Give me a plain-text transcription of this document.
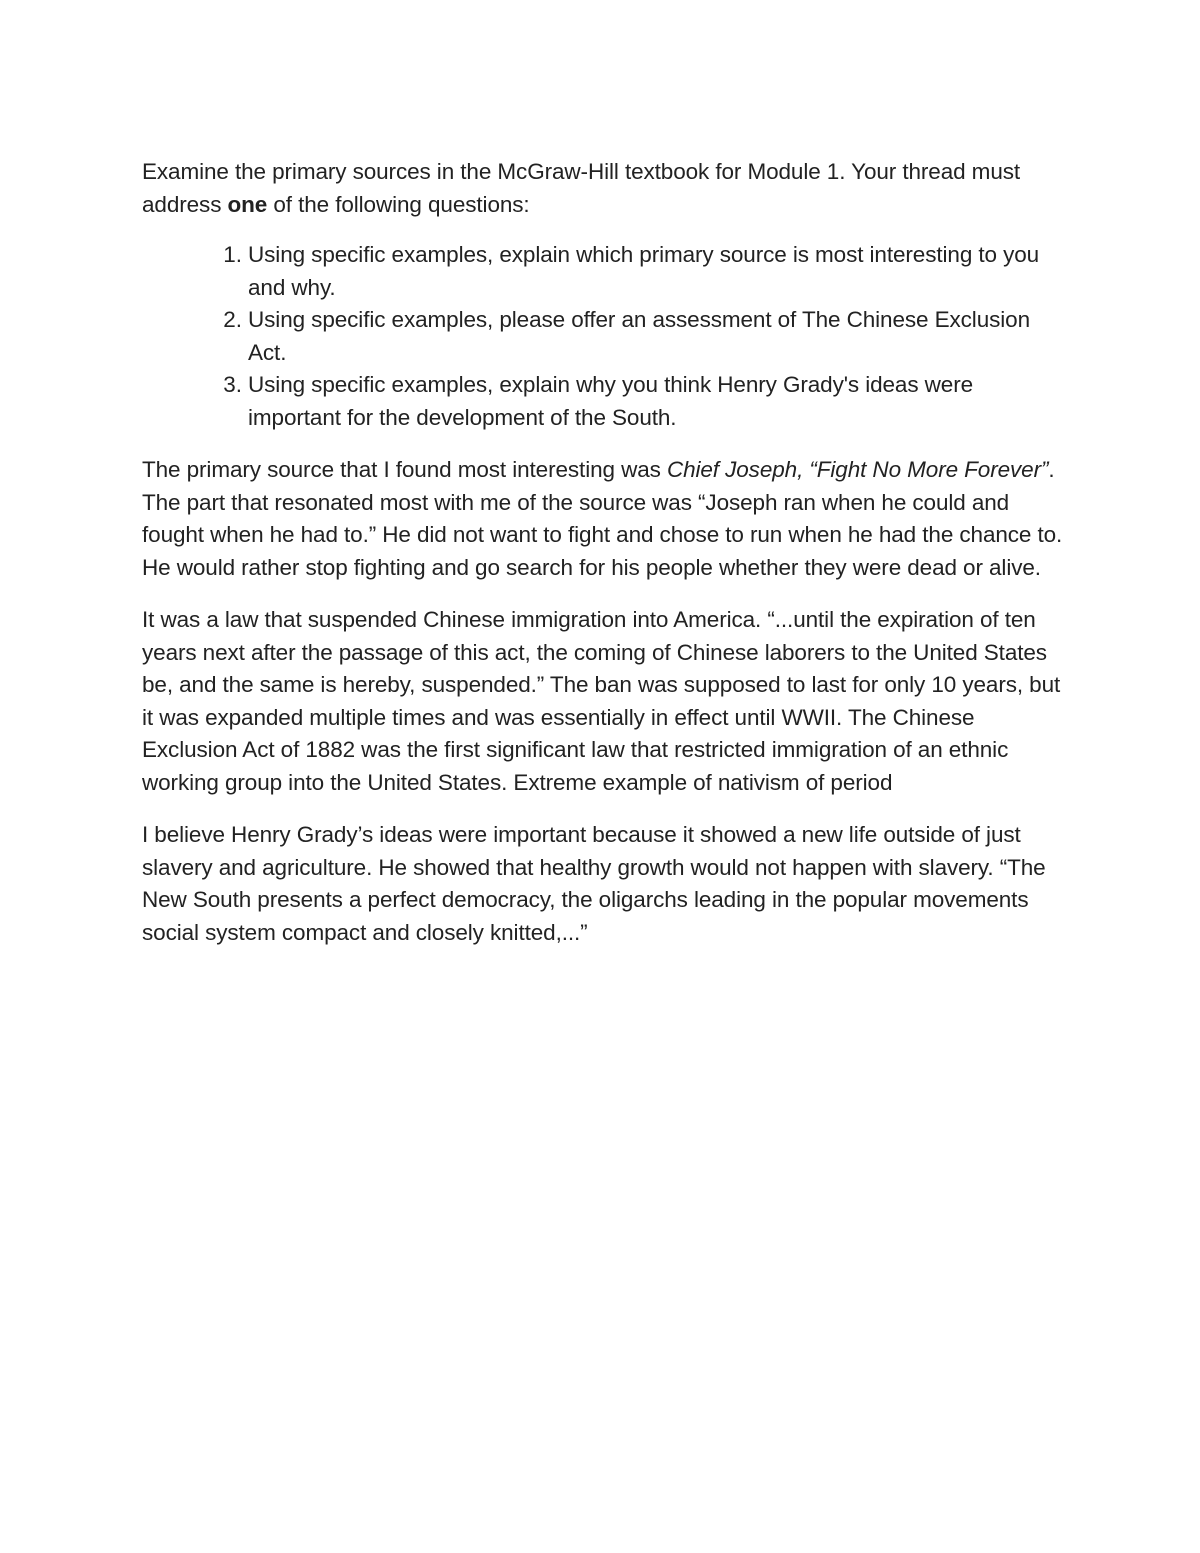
Examine the primary sources in the McGraw-Hill textbook for Module 1. Your thread must address one of the following questions:

1. Using specific examples, explain which primary source is most interesting to you and why.
2. Using specific examples, please offer an assessment of The Chinese Exclusion Act.
3. Using specific examples, explain why you think Henry Grady's ideas were important for the development of the South.

The primary source that I found most interesting was Chief Joseph, “Fight No More Forever”. The part that resonated most with me of the source was “Joseph ran when he could and fought when he had to.” He did not want to fight and chose to run when he had the chance to. He would rather stop fighting and go search for his people whether they were dead or alive.

It was a law that suspended Chinese immigration into America. “...until the expiration of ten years next after the passage of this act, the coming of Chinese laborers to the United States be, and the same is hereby, suspended.” The ban was supposed to last for only 10 years, but it was expanded multiple times and was essentially in effect until WWII. The Chinese Exclusion Act of 1882 was the first significant law that restricted immigration of an ethnic working group into the United States. Extreme example of nativism of period

I believe Henry Grady’s ideas were important because it showed a new life outside of just slavery and agriculture. He showed that healthy growth would not happen with slavery. “The New South presents a perfect democracy, the oligarchs leading in the popular movements social system compact and closely knitted,...”
